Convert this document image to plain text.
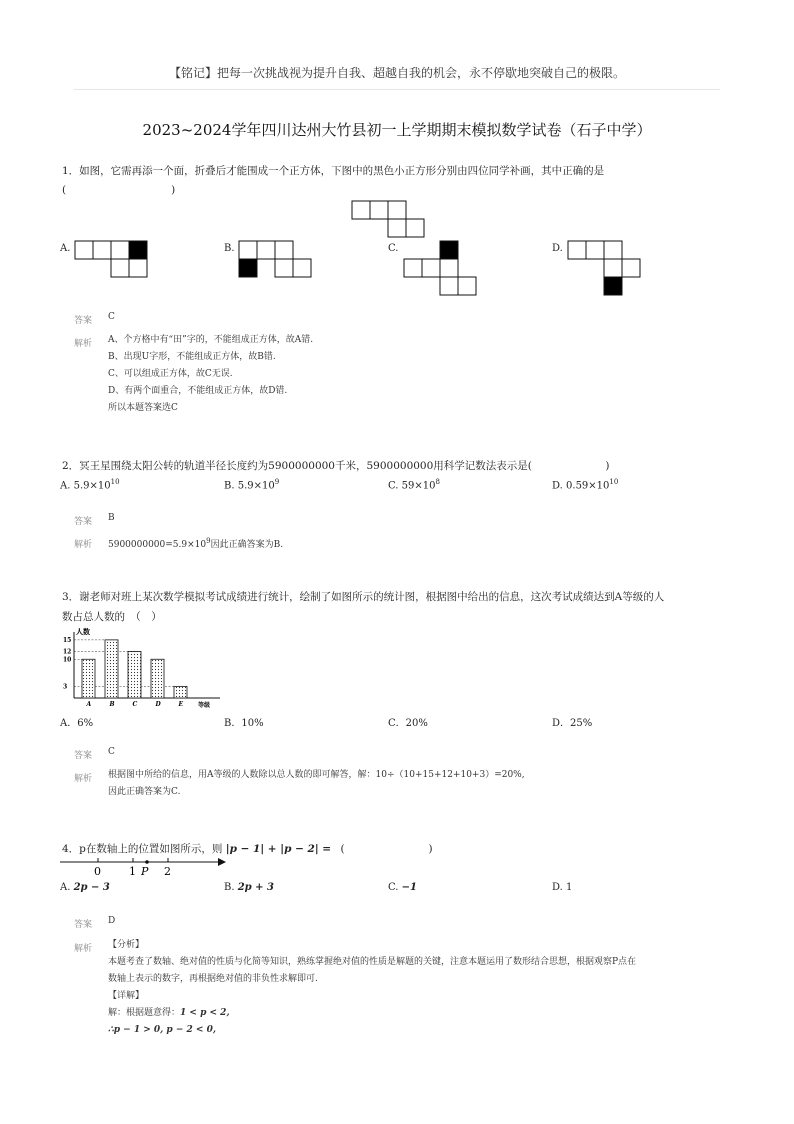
【铭记】把每一次挑战视为提升自我、超越自我的机会，永不停歇地突破自己的极限。
2023~2024学年四川达州大竹县初一上学期期末模拟数学试卷（石子中学）
1．如图，它需再添一个面，折叠后才能围成一个正方体，下图中的黑色小正方形分别由四位同学补画，其中正确的是
(　　　　　　　　　　)
A.	B.	C.	D.
答案 C
解析 A、个方格中有“田”字的，不能组成正方体，故A错.
B、出现U字形，不能组成正方体，故B错.
C、可以组成正方体，故C无误.
D、有两个面重合，不能组成正方体，故D错.
所以本题答案选C
2．冥王星围绕太阳公转的轨道半径长度约为5900000000千米，5900000000用科学记数法表示是(　　　　　　　)
A. $5.9\times 10^{10}$	B. $5.9\times 10^9$	C. $59\times 10^8$	D. $0.59\times 10^{10}$
答案 B
解析 $5900000000=5.9\times 10^9$因此正确答案为B.
3．谢老师对班上某次数学模拟考试成绩进行统计，绘制了如图所示的统计图，根据图中给出的信息，这次考试成绩达到A等级的人
数占总人数的　（　）
人数
等级
15
12
10
3
A	B	C	D	E
A．6%	B．10%	C．20%	D．25%
答案 C
解析 根据图中所给的信息，用A等级的人数除以总人数的即可解答，解：10÷（10+15+12+10+3）=20%,
因此正确答案为C.
4．p在数轴上的位置如图所示，则 |p − 1| + |p − 2| = (　　　　　　　　)
0	1 P 2
A. 2p − 3	B. 2p + 3	C. −1	D. 1
答案 D
解析 【分析】
本题考查了数轴、绝对值的性质与化简等知识，熟练掌握绝对值的性质是解题的关键，注意本题运用了数形结合思想，根据观察P点在
数轴上表示的数字，再根据绝对值的非负性求解即可.
【详解】
解：根据题意得：1 < p < 2,
∴p − 1 > 0, p − 2 < 0,
